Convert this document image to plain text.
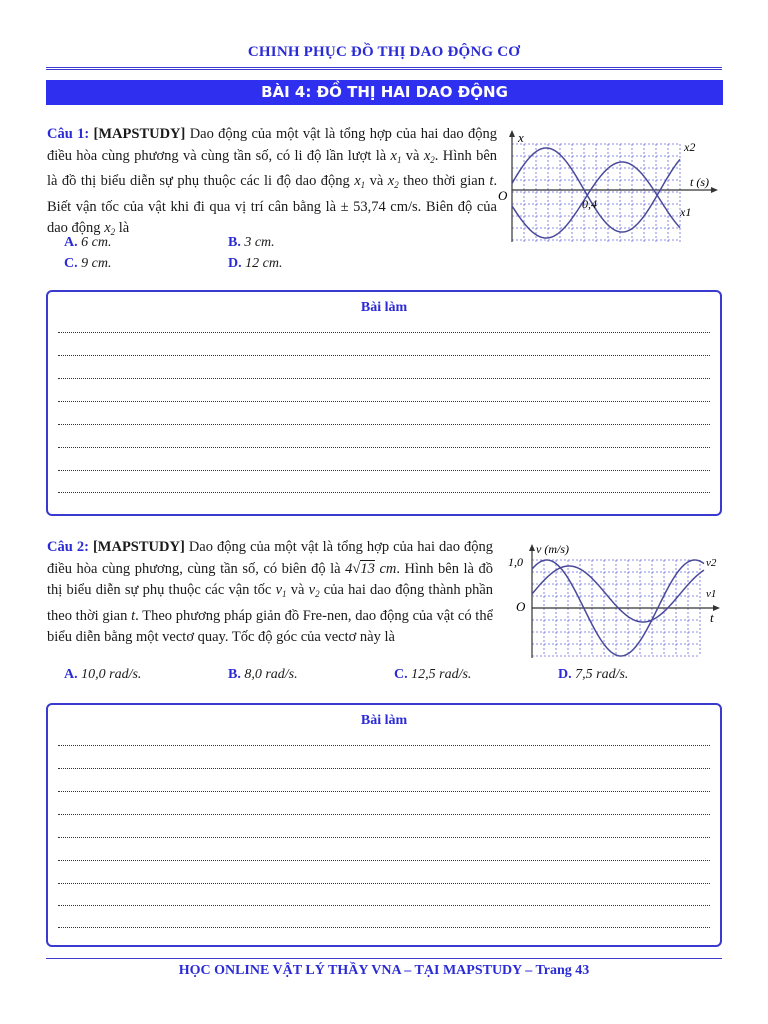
CHINH PHỤC ĐỒ THỊ DAO ĐỘNG CƠ
BÀI 4: ĐỒ THỊ HAI DAO ĐỘNG
Câu 1: [MAPSTUDY] Dao động của một vật là tổng hợp của hai dao động điều hòa cùng phương và cùng tần số, có li độ lần lượt là $x_1$ và $x_2$. Hình bên là đồ thị biểu diễn sự phụ thuộc các li độ dao động $x_1$ và $x_2$ theo thời gian t. Biết vận tốc của vật khi đi qua vị trí cân bằng là ± 53,74 cm/s. Biên độ của dao động $x_2$ là
A. 6 cm.	B. 3 cm.
C. 9 cm.	D. 12 cm.
x
O
t (s)
0,4
x2
x1
Bài làm
Câu 2: [MAPSTUDY] Dao động của một vật là tổng hợp của hai dao động điều hòa cùng phương, cùng tần số, có biên độ là 4√13 cm. Hình bên là đồ thị biểu diễn sự phụ thuộc các vận tốc $v_1$ và $v_2$ của hai dao động thành phần theo thời gian t. Theo phương pháp giản đồ Fre-nen, dao động của vật có thể biểu diễn bằng một vectơ quay. Tốc độ góc của vectơ này là
A. 10,0 rad/s.	B. 8,0 rad/s.	C. 12,5 rad/s.	D. 7,5 rad/s.
v (m/s)
1,0
O
t
v2
v1
Bài làm
HỌC ONLINE VẬT LÝ THẦY VNA – TẠI MAPSTUDY – Trang 43
